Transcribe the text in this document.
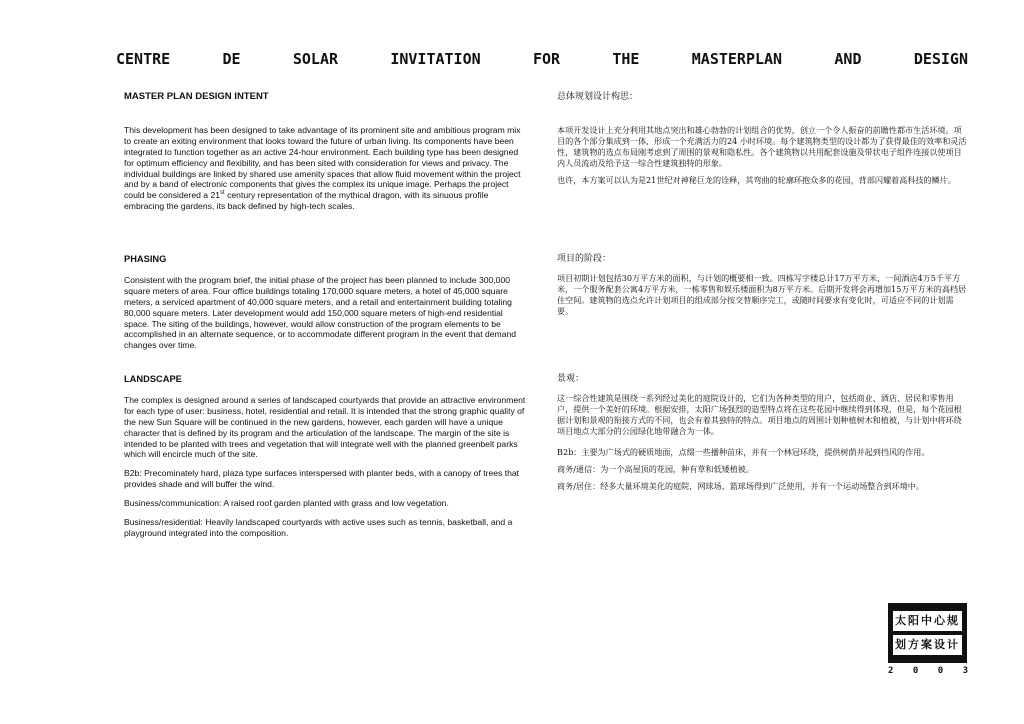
CENTRE	DE	SOLAR	INVITATION	FOR	THE	MASTERPLAN	AND	DESIGN
MASTER PLAN DESIGN INTENT

This development has been designed to take advantage of its prominent site and ambitious program mix to create an exiting environment that looks toward the future of urban living. Its components have been integrated to function together as an active 24-hour environment. Each building type has been designed for optimum efficiency and flexibility, and has been sited with consideration for views and privacy. The individual buildings are linked by shared use amenity spaces that allow fluid movement within the project and by a band of electronic components that gives the complex its unique image. Perhaps the project could be considered a 21st century representation of the mythical dragon, with its sinuous profile embracing the gardens, its back defined by high-tech scales.

PHASING

Consistent with the program brief, the initial phase of the project has been planned to include 300,000 square meters of area. Four office buildings totaling 170,000 square meters, a hotel of 45,000 square meters, a serviced apartment of 40,000 square meters, and a retail and entertainment building totaling 80,000 square meters. Later development would add 150,000 square meters of high-end residential space. The siting of the buildings, however, would allow construction of the program elements to be accomplished in an alternate sequence, or to accommodate different program in the event that demand changes over time.

LANDSCAPE

The complex is designed around a series of landscaped courtyards that provide an attractive environment for each type of user: business, hotel, residential and retail. It is intended that the strong graphic quality of the new Sun Square will be continued in the new gardens, however, each garden will have a unique character that is defined by its program and the articulation of the landscape. The margin of the site is intended to be planted with trees and vegetation that will integrate well with the planned greenbelt parks which will encircle much of the site.

B2b: Precominately hard, plaza type surfaces interspersed with planter beds, with a canopy of trees that provides shade and will buffer the wind.

Business/communication: A raised roof garden planted with grass and low vegetation.

Business/residential: Heavily landscaped courtyards with active uses such as tennis, basketball, and a playground integrated into the composition.

总体规划设计构思：

本项开发设计上充分利用其地点突出和雄心勃勃的计划组合的优势，创立一个令人振奋的前瞻性都市生活环境。项目的各个部分集成到一体，形成一个充满活力的24 小时环境。每个建筑物类型的设计都为了获得最佳的效率和灵活性，建筑物的选点布局刚考虑到了周围的景观和隐私性。各个建筑物以共用配套设施及带状电子组件连接以使项目内人员流动及给予这一综合性建筑独特的形象。

也许，本方案可以认为是21世纪对神秘巨龙的诠释，其弯曲的轮廓环抱众多的花园，背部闪耀着高科技的鳞片。

项目的阶段：

项目初期计划包括30万平方米的面积，与计划的概要相一致。四栋写字楼总计17万平方米，一间酒店4万5千平方米，一个服务配套公寓4万平方米，一栋零售和娱乐楼面积为8万平方米。后期开发将会再增加15万平方米的高档居住空间。建筑物的选点允许计划项目的组成部分按交替顺序完工，或随时间要求有变化时，可适应不同的计划需要。

景观：

这一综合性建筑是围绕一系列经过美化的庭院设计的，它们为各种类型的用户，包括商业、酒店、居民和零售用户，提供一个美好的环境。根据安排，太阳广场强烈的造型特点将在这些花园中继续得到体现，但是，每个花园根据计划和景观的衔接方式的不同，也会有着其独特的特点。项目地点的周围计划种植树木和植被，与计划中将环绕项目地点大部分的公园绿化地带融合为一体。

B2b：主要为广场式的硬质地面，点缀一些播种苗床，并有一个林冠环绕，提供树荫并起到挡风的作用。

商务/通信：为一个高屋顶的花园，种有草和低矮植被。

商务/居住：经多大量环境美化的庭院，网球场、篮球场得到广泛使用，并有一个运动场整合到环境中。

太阳中心规
划方案设计
2 0 0 3
